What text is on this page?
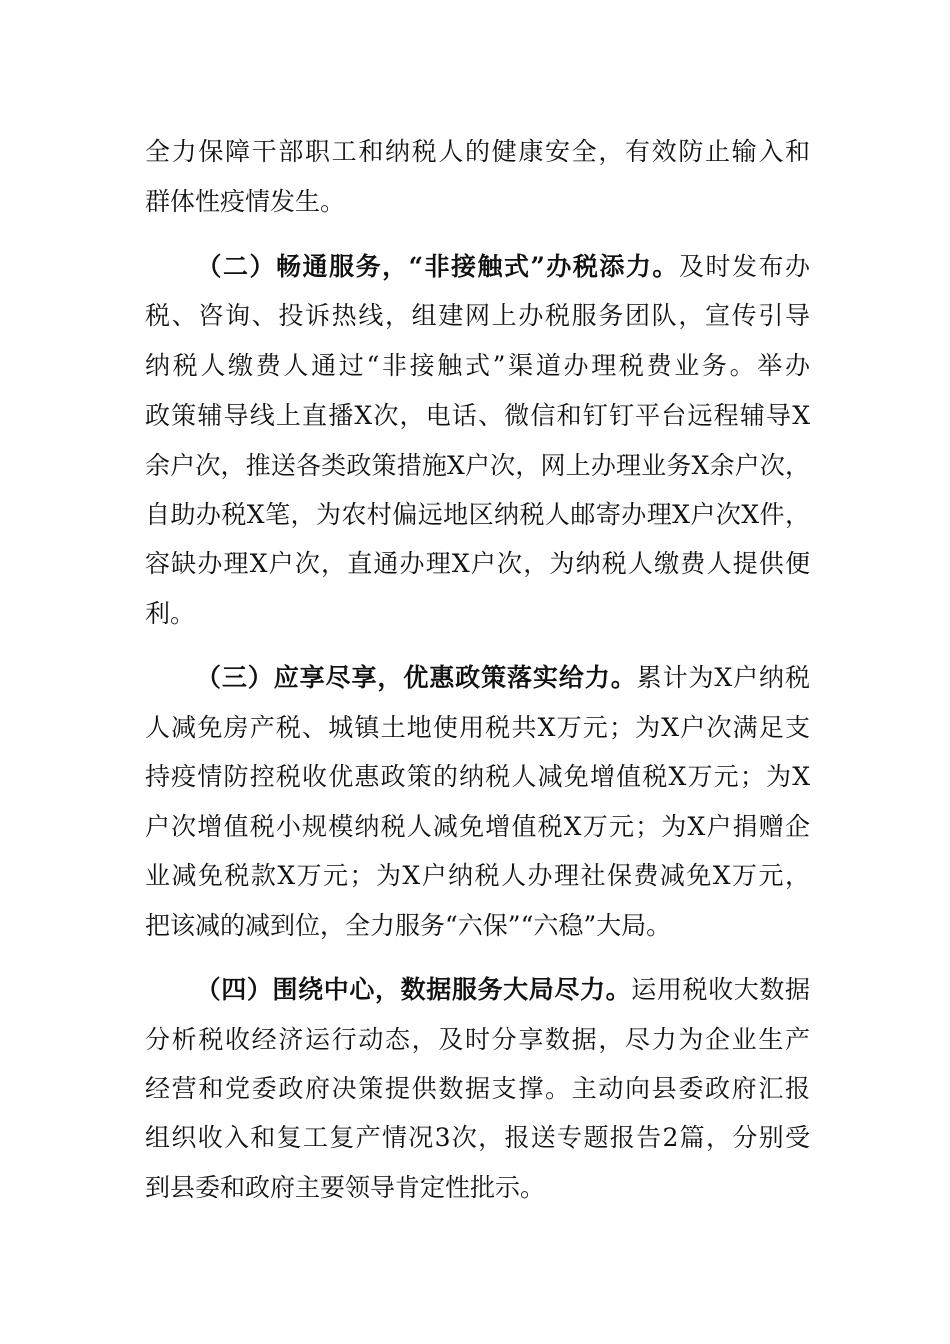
全力保障干部职工和纳税人的健康安全，有效防止输入和
群体性疫情发生。
（二）畅通服务，“非接触式”办税添力。及时发布办
税、咨询、投诉热线，组建网上办税服务团队，宣传引导
纳税人缴费人通过“非接触式”渠道办理税费业务。举办
政策辅导线上直播X次，电话、微信和钉钉平台远程辅导X
余户次，推送各类政策措施X户次，网上办理业务X余户次，
自助办税X笔，为农村偏远地区纳税人邮寄办理X户次X件，
容缺办理X户次，直通办理X户次，为纳税人缴费人提供便
利。
（三）应享尽享，优惠政策落实给力。累计为X户纳税
人减免房产税、城镇土地使用税共X万元；为X户次满足支
持疫情防控税收优惠政策的纳税人减免增值税X万元；为X
户次增值税小规模纳税人减免增值税X万元；为X户捐赠企
业减免税款X万元；为X户纳税人办理社保费减免X万元，
把该减的减到位，全力服务“六保”“六稳”大局。
（四）围绕中心，数据服务大局尽力。运用税收大数据
分析税收经济运行动态，及时分享数据，尽力为企业生产
经营和党委政府决策提供数据支撑。主动向县委政府汇报
组织收入和复工复产情况3次，报送专题报告2篇，分别受
到县委和政府主要领导肯定性批示。
